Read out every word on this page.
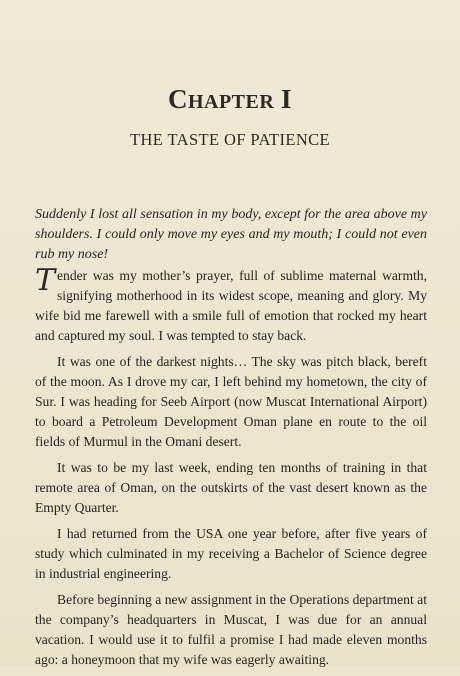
CHAPTER I
THE TASTE OF PATIENCE
Suddenly I lost all sensation in my body, except for the area above my shoulders. I could only move my eyes and my mouth; I could not even rub my nose!

Tender was my mother’s prayer, full of sublime maternal warmth, signifying motherhood in its widest scope, meaning and glory. My wife bid me farewell with a smile full of emotion that rocked my heart and captured my soul. I was tempted to stay back.

It was one of the darkest nights… The sky was pitch black, bereft of the moon. As I drove my car, I left behind my hometown, the city of Sur. I was heading for Seeb Airport (now Muscat International Airport) to board a Petroleum Development Oman plane en route to the oil fields of Murmul in the Omani desert.

It was to be my last week, ending ten months of training in that remote area of Oman, on the outskirts of the vast desert known as the Empty Quarter.

I had returned from the USA one year before, after five years of study which culminated in my receiving a Bachelor of Science degree in industrial engineering.

Before beginning a new assignment in the Operations department at the company’s headquarters in Muscat, I was due for an annual vacation. I would use it to fulfil a promise I had made eleven months ago: a honeymoon that my wife was eagerly awaiting.
